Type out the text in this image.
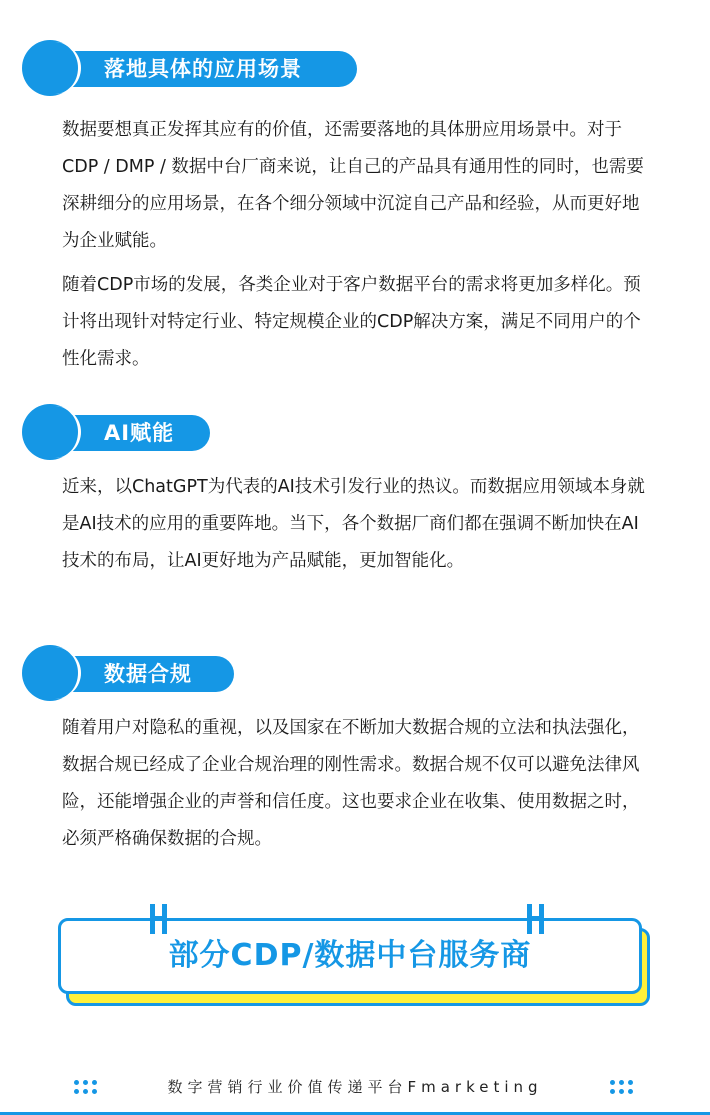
落地具体的应用场景

数据要想真正发挥其应有的价值，还需要落地的具体册应用场景中。对于CDP / DMP / 数据中台厂商来说，让自己的产品具有通用性的同时，也需要深耕细分的应用场景，在各个细分领域中沉淀自己产品和经验，从而更好地为企业赋能。

随着CDP市场的发展，各类企业对于客户数据平台的需求将更加多样化。预计将出现针对特定行业、特定规模企业的CDP解决方案，满足不同用户的个性化需求。

AI赋能

近来，以ChatGPT为代表的AI技术引发行业的热议。而数据应用领域本身就是AI技术的应用的重要阵地。当下，各个数据厂商们都在强调不断加快在AI技术的布局，让AI更好地为产品赋能，更加智能化。

数据合规

随着用户对隐私的重视，以及国家在不断加大数据合规的立法和执法强化，数据合规已经成了企业合规治理的刚性需求。数据合规不仅可以避免法律风险，还能增强企业的声誉和信任度。这也要求企业在收集、使用数据之时，必须严格确保数据的合规。

部分CDP/数据中台服务商
数字营销行业价值传递平台Fmarketing
